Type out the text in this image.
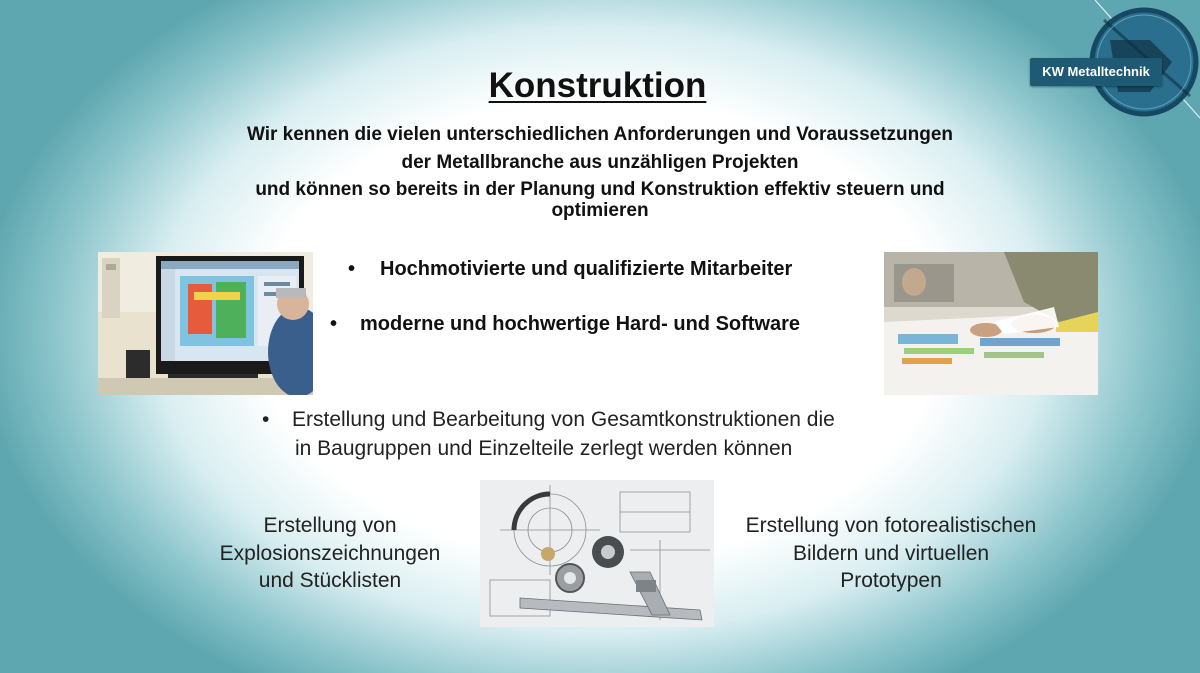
KW Metalltechnik
Konstruktion
Wir kennen die vielen unterschiedlichen Anforderungen und Voraussetzungen
der Metallbranche aus unzähligen Projekten
und können so bereits in der Planung und Konstruktion effektiv steuern und
optimieren
• Hochmotivierte und qualifizierte Mitarbeiter
• moderne und hochwertige Hard- und Software
• Erstellung und Bearbeitung von Gesamtkonstruktionen die
in Baugruppen und Einzelteile zerlegt werden können
Erstellung von
Explosionszeichnungen
und Stücklisten
Erstellung von fotorealistischen
Bildern und virtuellen
Prototypen
